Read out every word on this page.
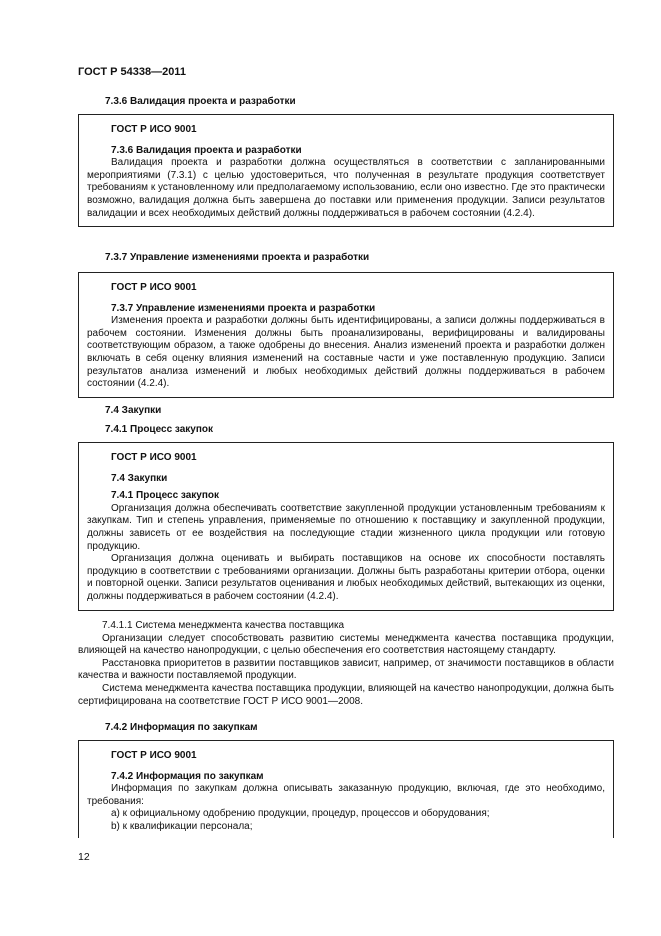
ГОСТ Р 54338—2011
7.3.6 Валидация проекта и разработки
ГОСТ Р ИСО 9001
7.3.6 Валидация проекта и разработки

Валидация проекта и разработки должна осуществляться в соответствии с запланированными мероприятиями (7.3.1) с целью удостовериться, что полученная в результате продукция соответствует требованиям к установленному или предполагаемому использованию, если оно известно. Где это практически возможно, валидация должна быть завершена до поставки или применения продукции. Записи результатов валидации и всех необходимых действий должны поддерживаться в рабочем состоянии (4.2.4).

7.3.7 Управление изменениями проекта и разработки
ГОСТ Р ИСО 9001
7.3.7 Управление изменениями проекта и разработки

Изменения проекта и разработки должны быть идентифицированы, а записи должны поддерживаться в рабочем состоянии. Изменения должны быть проанализированы, верифицированы и валидированы соответствующим образом, а также одобрены до внесения. Анализ изменений проекта и разработки должен включать в себя оценку влияния изменений на составные части и уже поставленную продукцию. Записи результатов анализа изменений и любых необходимых действий должны поддерживаться в рабочем состоянии (4.2.4).

7.4 Закупки
7.4.1 Процесс закупок
ГОСТ Р ИСО 9001
7.4 Закупки
7.4.1 Процесс закупок

Организация должна обеспечивать соответствие закупленной продукции установленным требованиям к закупкам. Тип и степень управления, применяемые по отношению к поставщику и закупленной продукции, должны зависеть от ее воздействия на последующие стадии жизненного цикла продукции или готовую продукцию.

Организация должна оценивать и выбирать поставщиков на основе их способности поставлять продукцию в соответствии с требованиями организации. Должны быть разработаны критерии отбора, оценки и повторной оценки. Записи результатов оценивания и любых необходимых действий, вытекающих из оценки, должны поддерживаться в рабочем состоянии (4.2.4).

7.4.1.1 Система менеджмента качества поставщика

Организации следует способствовать развитию системы менеджмента качества поставщика продукции, влияющей на качество нанопродукции, с целью обеспечения его соответствия настоящему стандарту.

Расстановка приоритетов в развитии поставщиков зависит, например, от значимости поставщиков в области качества и важности поставляемой продукции.

Система менеджмента качества поставщика продукции, влияющей на качество нанопродукции, должна быть сертифицирована на соответствие ГОСТ Р ИСО 9001—2008.

7.4.2 Информация по закупкам
ГОСТ Р ИСО 9001
7.4.2 Информация по закупкам

Информация по закупкам должна описывать заказанную продукцию, включая, где это необходимо, требования:

a) к официальному одобрению продукции, процедур, процессов и оборудования;

b) к квалификации персонала;

12
